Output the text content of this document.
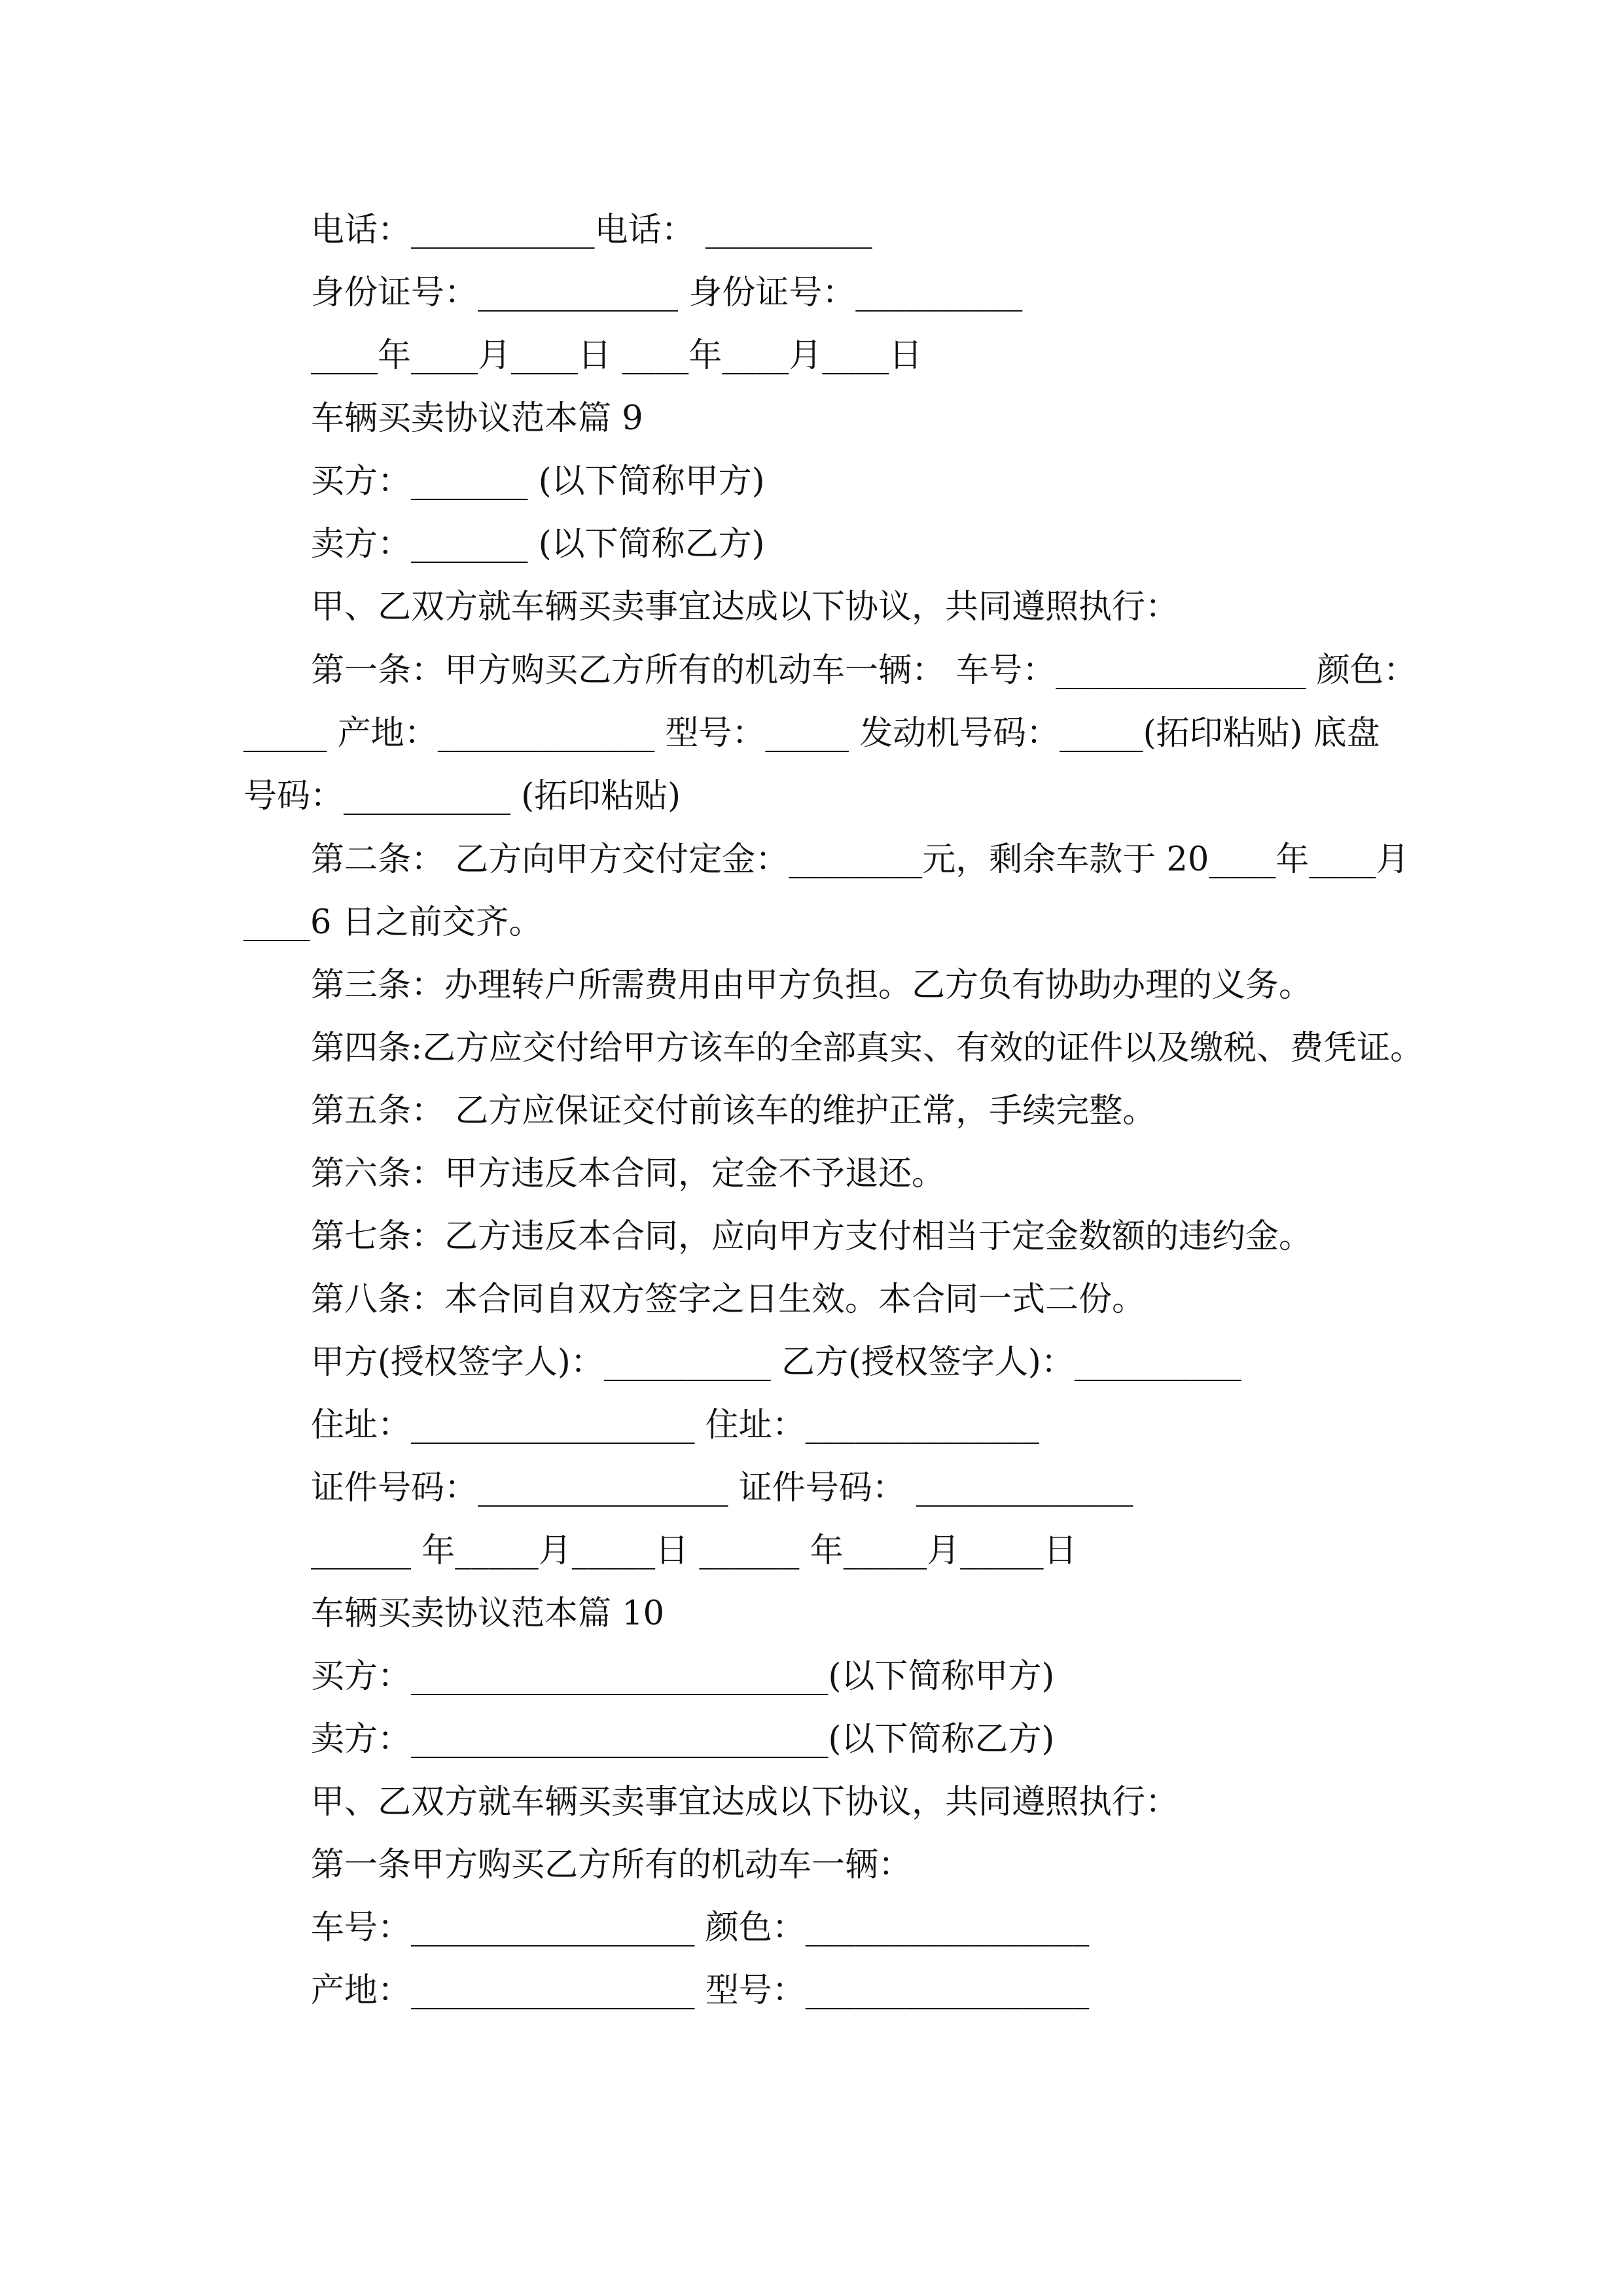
电话：___________电话： __________
身份证号：____________ 身份证号：__________
____年____月____日 ____年____月____日
车辆买卖协议范本篇 9
买方：_______ (以下简称甲方)
卖方：_______ (以下简称乙方)
甲、乙双方就车辆买卖事宜达成以下协议，共同遵照执行：
第一条：甲方购买乙方所有的机动车一辆： 车号：_______________ 颜色：
_____ 产地：_____________ 型号：_____ 发动机号码：_____(拓印粘贴) 底盘
号码：__________ (拓印粘贴)
第二条： 乙方向甲方交付定金：________元，剩余车款于 20____年____月
____6 日之前交齐。
第三条：办理转户所需费用由甲方负担。乙方负有协助办理的义务。
第四条:乙方应交付给甲方该车的全部真实、有效的证件以及缴税、费凭证。
第五条： 乙方应保证交付前该车的维护正常，手续完整。
第六条：甲方违反本合同，定金不予退还。
第七条：乙方违反本合同，应向甲方支付相当于定金数额的违约金。
第八条：本合同自双方签字之日生效。本合同一式二份。
甲方(授权签字人)：__________ 乙方(授权签字人)：__________
住址：_________________ 住址：______________
证件号码：_______________ 证件号码： _____________
______ 年_____月_____日 ______ 年_____月_____日
车辆买卖协议范本篇 10
买方：_________________________(以下简称甲方)
卖方：_________________________(以下简称乙方)
甲、乙双方就车辆买卖事宜达成以下协议，共同遵照执行：
第一条甲方购买乙方所有的机动车一辆：
车号：_________________ 颜色：_________________
产地：_________________ 型号：_________________
